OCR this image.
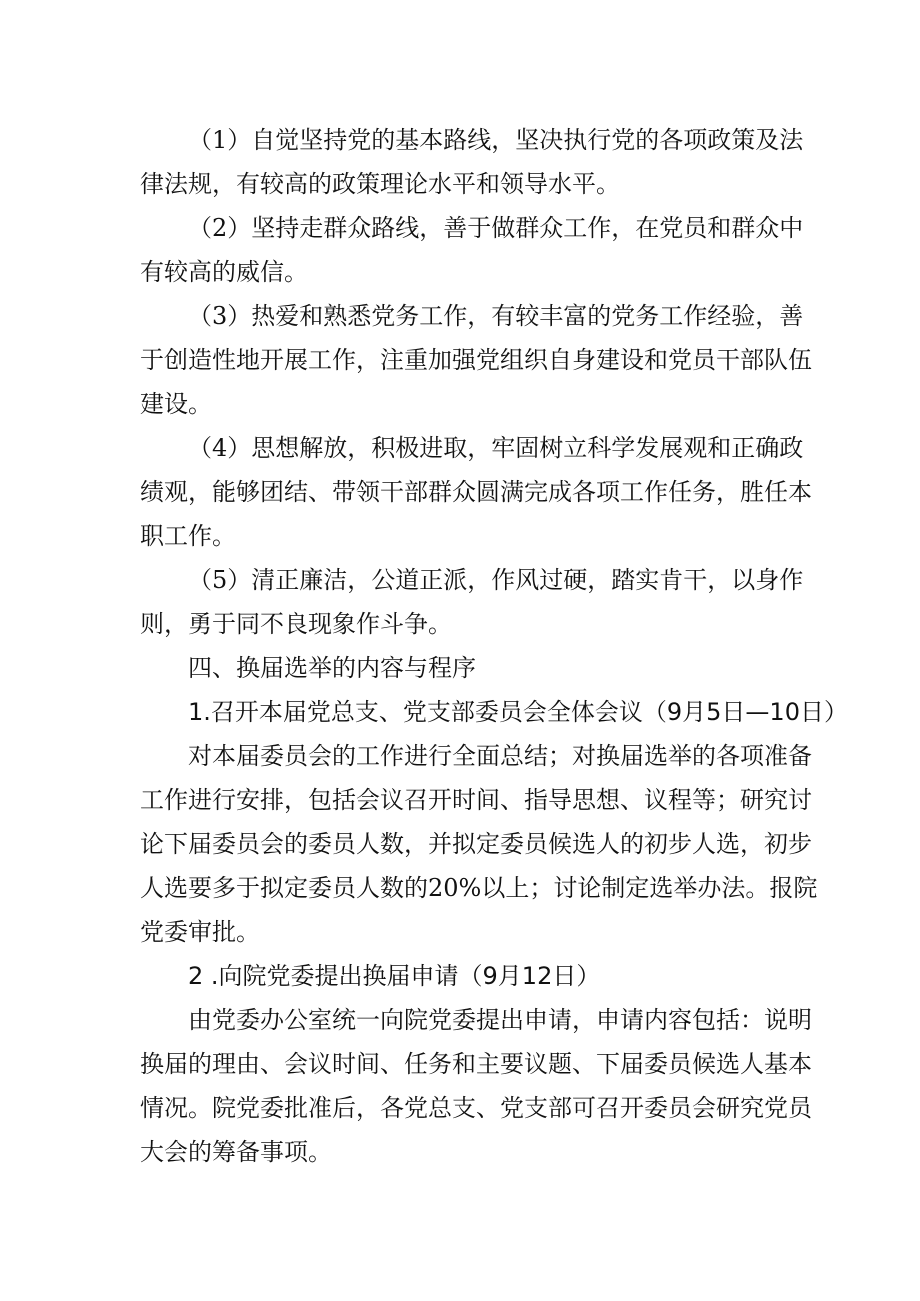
（1）自觉坚持党的基本路线，坚决执行党的各项政策及法
律法规，有较高的政策理论水平和领导水平。
（2）坚持走群众路线，善于做群众工作，在党员和群众中
有较高的威信。
（3）热爱和熟悉党务工作，有较丰富的党务工作经验，善
于创造性地开展工作，注重加强党组织自身建设和党员干部队伍
建设。
（4）思想解放，积极进取，牢固树立科学发展观和正确政
绩观，能够团结、带领干部群众圆满完成各项工作任务，胜任本
职工作。
（5）清正廉洁，公道正派，作风过硬，踏实肯干，以身作
则，勇于同不良现象作斗争。
四、换届选举的内容与程序
1.召开本届党总支、党支部委员会全体会议（9月5日—10日）
对本届委员会的工作进行全面总结；对换届选举的各项准备
工作进行安排，包括会议召开时间、指导思想、议程等；研究讨
论下届委员会的委员人数，并拟定委员候选人的初步人选，初步
人选要多于拟定委员人数的20%以上；讨论制定选举办法。报院
党委审批。
2 .向院党委提出换届申请（9月12日）
由党委办公室统一向院党委提出申请，申请内容包括：说明
换届的理由、会议时间、任务和主要议题、下届委员候选人基本
情况。院党委批准后，各党总支、党支部可召开委员会研究党员
大会的筹备事项。
